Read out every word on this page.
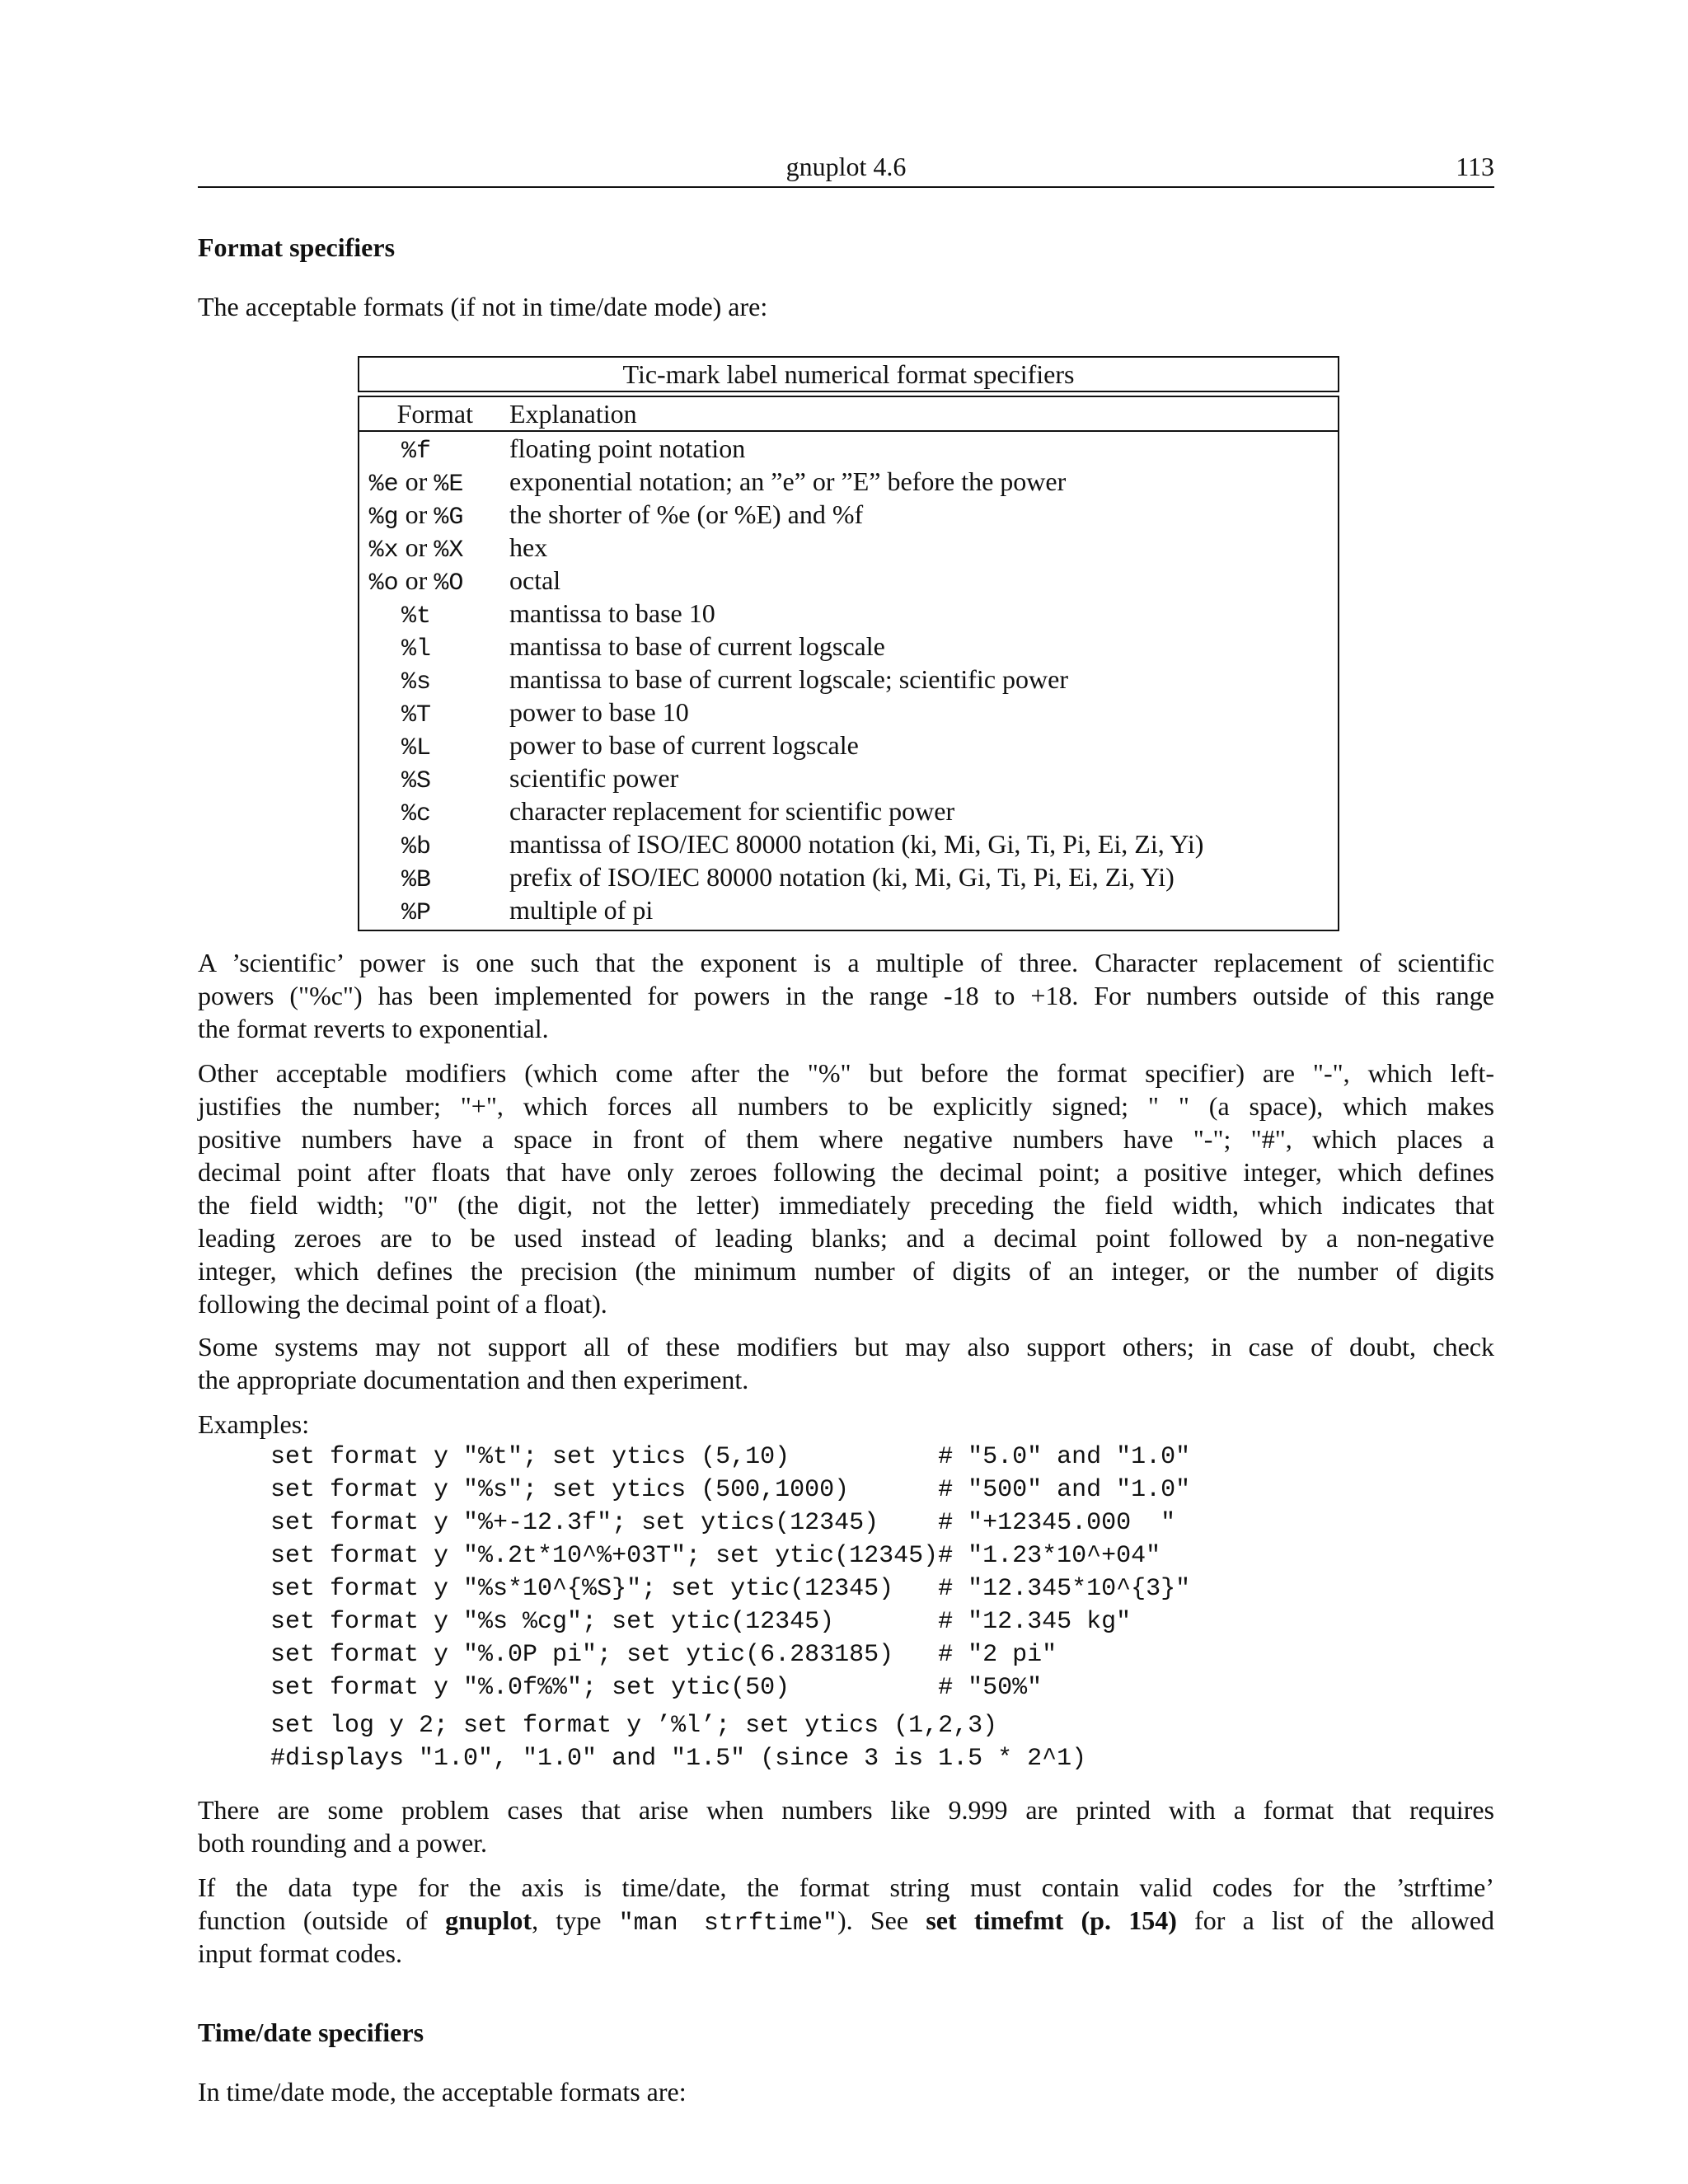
gnuplot 4.6	113
Format specifiers
The acceptable formats (if not in time/date mode) are:
Tic-mark label numerical format specifiers
Format Explanation
%f	floating point notation
%e or %E	exponential notation; an ”e” or ”E” before the power
%g or %G	the shorter of %e (or %E) and %f
%x or %X	hex
%o or %O	octal
%t	mantissa to base 10
%l	mantissa to base of current logscale
%s	mantissa to base of current logscale; scientific power
%T	power to base 10
%L	power to base of current logscale
%S	scientific power
%c	character replacement for scientific power
%b	mantissa of ISO/IEC 80000 notation (ki, Mi, Gi, Ti, Pi, Ei, Zi, Yi)
%B	prefix of ISO/IEC 80000 notation (ki, Mi, Gi, Ti, Pi, Ei, Zi, Yi)
%P	multiple of pi
A ’scientific’ power is one such that the exponent is a multiple of three. Character replacement of scientific
powers ("%c") has been implemented for powers in the range -18 to +18. For numbers outside of this range
the format reverts to exponential.
Other acceptable modifiers (which come after the "%" but before the format specifier) are "-", which left-
justifies the number; "+", which forces all numbers to be explicitly signed; " " (a space), which makes
positive numbers have a space in front of them where negative numbers have "-"; "#", which places a
decimal point after floats that have only zeroes following the decimal point; a positive integer, which defines
the field width; "0" (the digit, not the letter) immediately preceding the field width, which indicates that
leading zeroes are to be used instead of leading blanks; and a decimal point followed by a non-negative
integer, which defines the precision (the minimum number of digits of an integer, or the number of digits
following the decimal point of a float).
Some systems may not support all of these modifiers but may also support others; in case of doubt, check
the appropriate documentation and then experiment.
Examples:
set format y "%t"; set ytics (5,10)          # "5.0" and "1.0"
set format y "%s"; set ytics (500,1000)      # "500" and "1.0"
set format y "%+-12.3f"; set ytics(12345)    # "+12345.000  "
set format y "%.2t*10^%+03T"; set ytic(12345)# "1.23*10^+04"
set format y "%s*10^{%S}"; set ytic(12345)   # "12.345*10^{3}"
set format y "%s %cg"; set ytic(12345)       # "12.345 kg"
set format y "%.0P pi"; set ytic(6.283185)   # "2 pi"
set format y "%.0f%%"; set ytic(50)          # "50%"
set log y 2; set format y ’%l’; set ytics (1,2,3)
#displays "1.0", "1.0" and "1.5" (since 3 is 1.5 * 2^1)
There are some problem cases that arise when numbers like 9.999 are printed with a format that requires
both rounding and a power.
If the data type for the axis is time/date, the format string must contain valid codes for the ’strftime’
function (outside of gnuplot, type "man strftime"). See set timefmt (p. 154) for a list of the allowed
input format codes.
Time/date specifiers
In time/date mode, the acceptable formats are:
